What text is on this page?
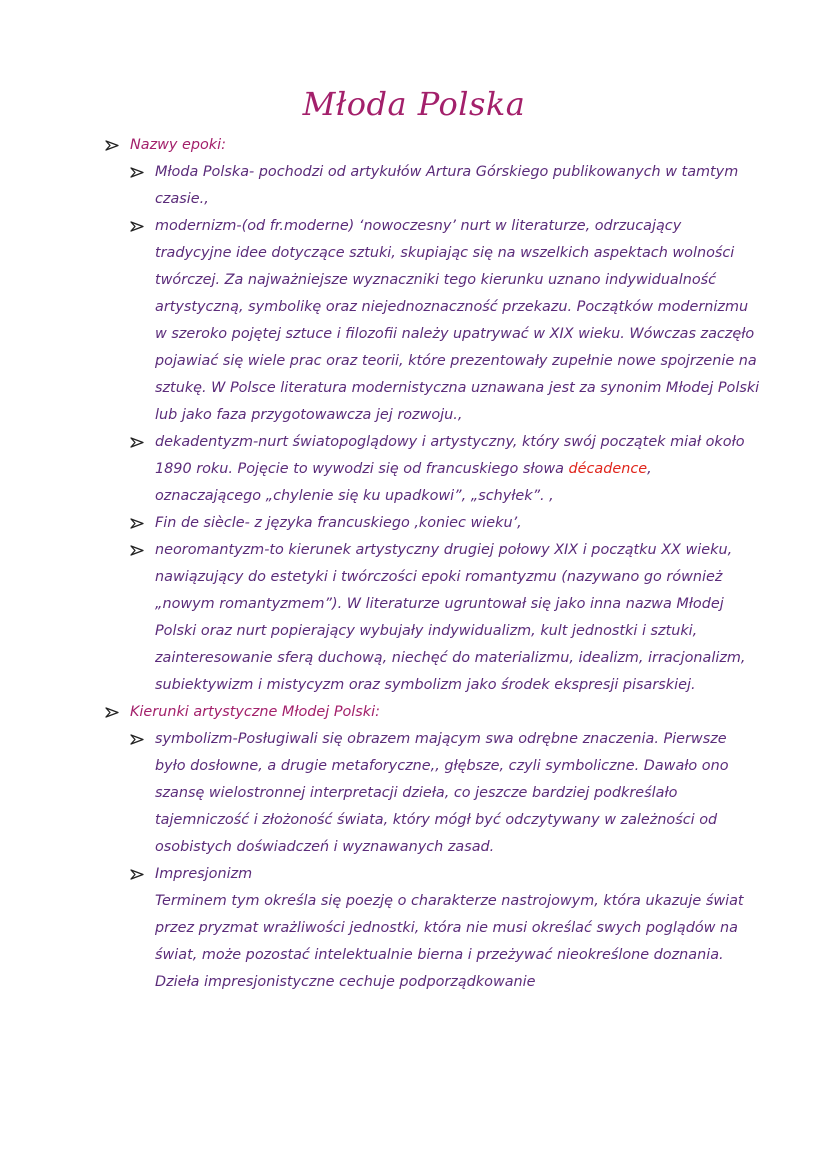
Młoda Polska

Nazwy epoki:

Młoda Polska- pochodzi od artykułów Artura Górskiego publikowanych w tamtym czasie.,

modernizm-(od fr.moderne) ‘nowoczesny’ nurt w literaturze, odrzucający tradycyjne idee dotyczące sztuki, skupiając się na wszelkich aspektach wolności twórczej. Za najważniejsze wyznaczniki tego kierunku uznano indywidualność artystyczną, symbolikę oraz niejednoznaczność przekazu. Początków modernizmu w szeroko pojętej sztuce i filozofii należy upatrywać w XIX wieku. Wówczas zaczęło pojawiać się wiele prac oraz teorii, które prezentowały zupełnie nowe spojrzenie na sztukę. W Polsce literatura modernistyczna uznawana jest za synonim Młodej Polski lub jako faza przygotowawcza jej rozwoju.,

dekadentyzm-nurt światopoglądowy i artystyczny, który swój początek miał około 1890 roku. Pojęcie to wywodzi się od francuskiego słowa décadence, oznaczającego „chylenie się ku upadkowi”, „schyłek”. ,

Fin de siècle- z języka francuskiego ‚koniec wieku’,

neoromantyzm-to kierunek artystyczny drugiej połowy XIX i początku XX wieku, nawiązujący do estetyki i twórczości epoki romantyzmu (nazywano go również „nowym romantyzmem”). W literaturze ugruntował się jako inna nazwa Młodej Polski oraz nurt popierający wybujały indywidualizm, kult jednostki i sztuki, zainteresowanie sferą duchową, niechęć do materializmu, idealizm, irracjonalizm, subiektywizm i mistycyzm oraz symbolizm jako środek ekspresji pisarskiej.

Kierunki artystyczne Młodej Polski:

symbolizm-Posługiwali się obrazem mającym swa odrębne znaczenia. Pierwsze było dosłowne, a drugie metaforyczne,, głębsze, czyli symboliczne. Dawało ono szansę wielostronnej interpretacji dzieła, co jeszcze bardziej podkreślało tajemniczość i złożoność świata, który mógł być odczytywany w zależności od osobistych doświadczeń i wyznawanych zasad.

Impresjonizm

Terminem tym określa się poezję o charakterze nastrojowym, która ukazuje świat przez pryzmat wrażliwości jednostki, która nie musi określać swych poglądów na świat, może pozostać intelektualnie bierna i przeżywać nieokreślone doznania. Dzieła impresjonistyczne cechuje podporządkowanie
